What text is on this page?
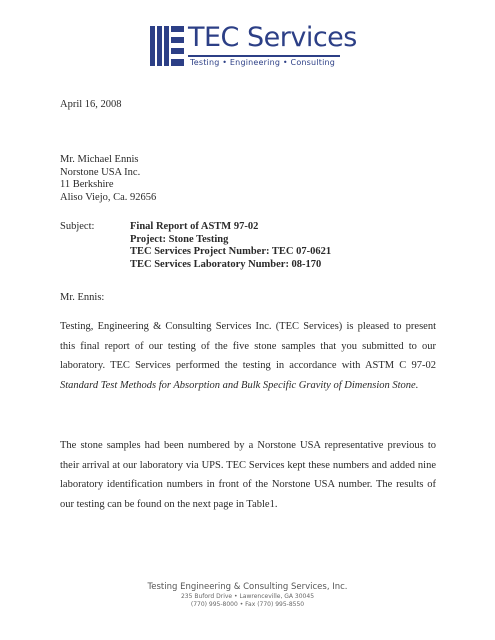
TEC Services
Testing • Engineering • Consulting
April 16, 2008
Mr. Michael Ennis
Norstone USA Inc.
11 Berkshire
Aliso Viejo, Ca. 92656
Subject:	Final Report of ASTM 97-02
Project: Stone Testing
TEC Services Project Number: TEC 07-0621
TEC Services Laboratory Number: 08-170
Mr. Ennis:
Testing, Engineering & Consulting Services Inc. (TEC Services) is pleased to present this final report of our testing of the five stone samples that you submitted to our laboratory. TEC Services performed the testing in accordance with ASTM C 97-02 Standard Test Methods for Absorption and Bulk Specific Gravity of Dimension Stone.
The stone samples had been numbered by a Norstone USA representative previous to their arrival at our laboratory via UPS. TEC Services kept these numbers and added nine laboratory identification numbers in front of the Norstone USA number. The results of our testing can be found on the next page in Table1.
Testing Engineering & Consulting Services, Inc.
235 Buford Drive • Lawrenceville, GA 30045
(770) 995-8000 • Fax (770) 995-8550
